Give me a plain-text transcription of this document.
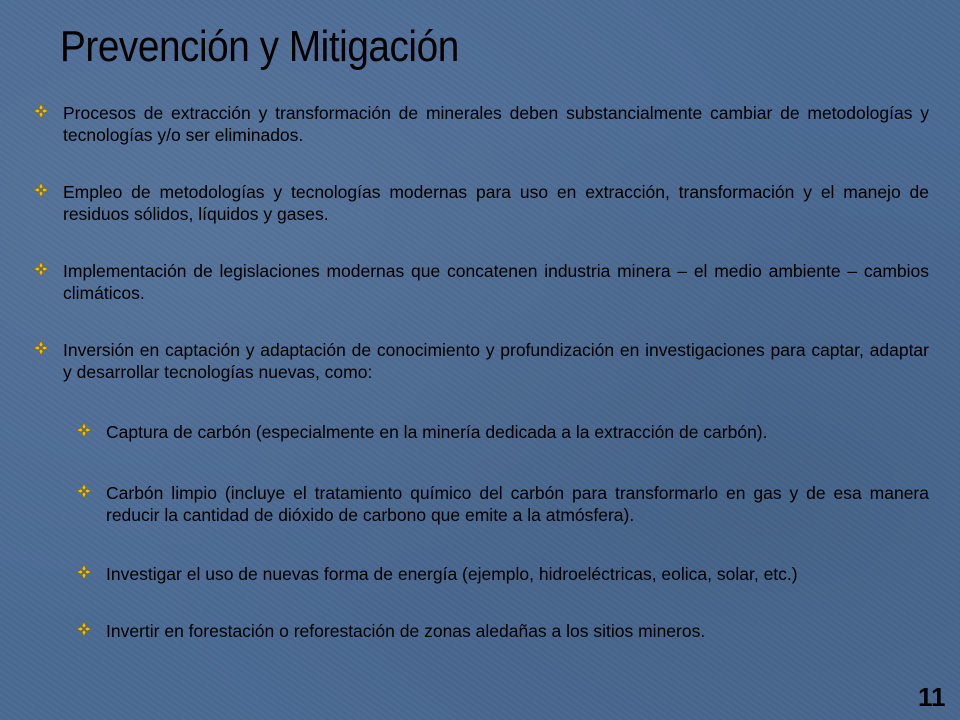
Prevención y Mitigación
Procesos de extracción y transformación de minerales deben substancialmente cambiar de metodologías y tecnologías y/o ser eliminados.
Empleo de metodologías y tecnologías modernas para uso en extracción, transformación y el manejo de residuos sólidos, líquidos y gases.
Implementación de legislaciones modernas que concatenen industria minera – el medio ambiente – cambios climáticos.
Inversión en captación y adaptación de conocimiento y profundización en investigaciones para captar, adaptar y desarrollar tecnologías nuevas, como:
Captura de carbón (especialmente en la minería dedicada a la extracción de carbón).
Carbón limpio (incluye el tratamiento químico del carbón para transformarlo en gas y de esa manera reducir la cantidad de dióxido de carbono que emite a la atmósfera).
Investigar el uso de nuevas forma de energía (ejemplo, hidroeléctricas, eolica, solar, etc.)
Invertir en forestación o reforestación de zonas aledañas a los sitios mineros.
11
